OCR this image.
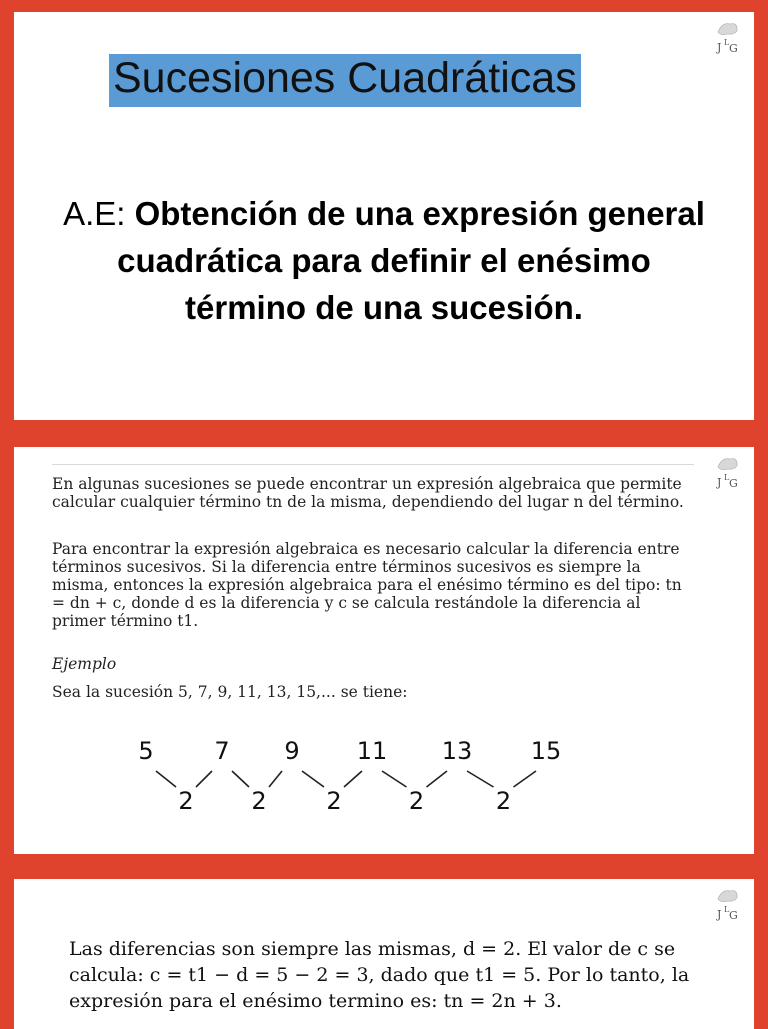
J L G
Sucesiones Cuadráticas
A.E: Obtención de una expresión general cuadrática para definir el enésimo término de una sucesión.
J L G
En algunas sucesiones se puede encontrar un expresión algebraica que permite calcular cualquier término tn de la misma, dependiendo del lugar n del término.
Para encontrar la expresión algebraica es necesario calcular la diferencia entre términos sucesivos. Si la diferencia entre términos sucesivos es siempre la misma, entonces la expresión algebraica para el enésimo término es del tipo: tn = dn + c, donde d es la diferencia y c se calcula restándole la diferencia al primer término t1.
Ejemplo
Sea la sucesión 5, 7, 9, 11, 13, 15,... se tiene:
5	7 9 11 13 15
2 2 2	2	2
J L G
Las diferencias son siempre las mismas, d = 2. El valor de c se calcula: c = t1 − d = 5 − 2 = 3, dado que t1 = 5. Por lo tanto, la expresión para el enésimo termino es: tn = 2n + 3.
